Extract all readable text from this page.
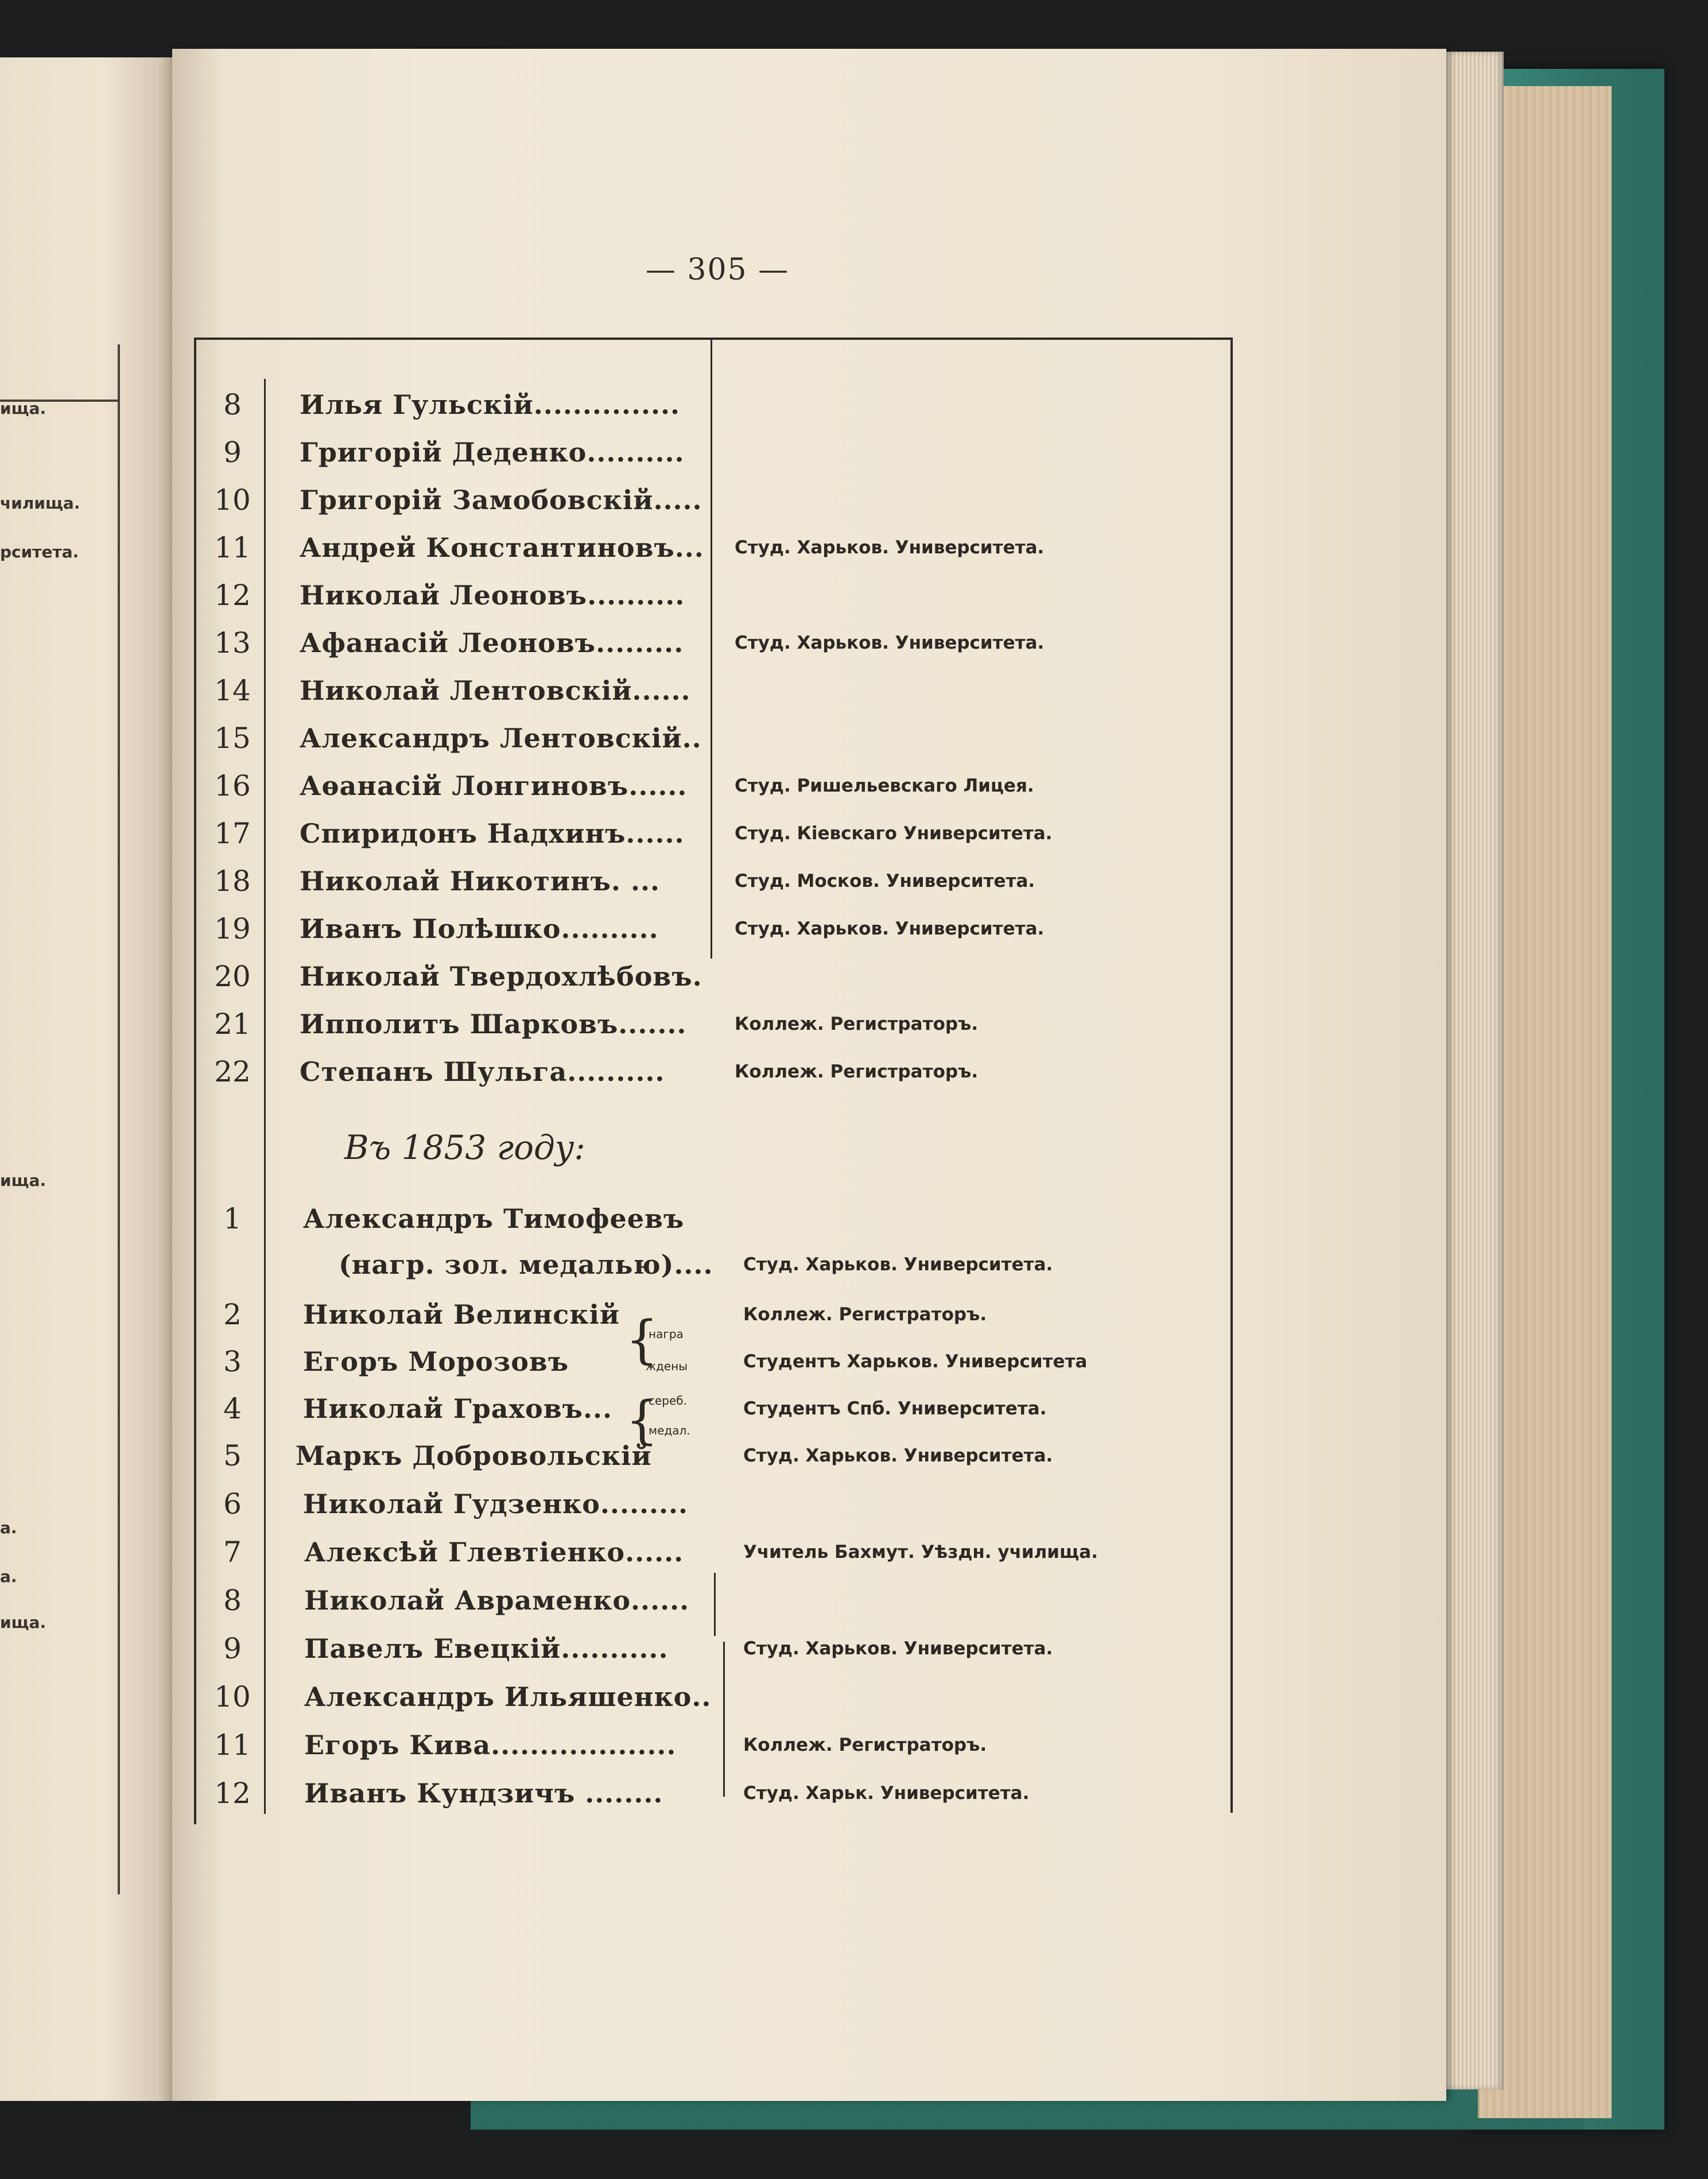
ища.
чилища.
рситета.
ища.
а.
a.
ища.
— 305 —
8	Илья Гульскій...............
9	Григорій Деденко..........
10	Григорій Замобовскій.....
11	Андрей Константиновъ... Студ. Харьков. Университета.
12	Николай Леоновъ..........
13	Афанасій Леоновъ.........	Студ. Харьков. Университета.
14	Николай Лентовскій......
15	Александръ Лентовскій..
16	Аѳанасій Лонгиновъ......	Студ. Ришельевскаго Лицея.
17	Спиридонъ Надхинъ......	Студ. Кіевскаго Университета.
18	Николай Никотинъ. ...	Студ. Москов. Университета.
19	Иванъ Полѣшко..........	Студ. Харьков. Университета.
20	Николай Твердохлѣбовъ.
21	Ипполитъ Шарковъ.......	Коллеж. Регистраторъ.
22	Степанъ Шульга..........	Коллеж. Регистраторъ.
Въ 1853 году:
1	Александръ Тимофеевъ
(нагр. зол. медалью).... Студ. Харьков. Университета.
2	Николай Велинскій	Коллеж. Регистраторъ.
3	Егоръ Морозовъ	Студентъ Харьков. Университета
4	Николай Граховъ...	Студентъ Спб. Университета.
5	Маркъ Добровольскій	Студ. Харьков. Университета.
{
награ
ждены
{
сереб.
медал.
6	Николай Гудзенко.........
7	Алексѣй Глевтіенко......	Учитель Бахмут. Уѣздн. училища.
8	Николай Авраменко......
9	Павелъ Евецкій...........	Студ. Харьков. Университета.
10	Александръ Ильяшенко..
11	Егоръ Кива...................	Коллеж. Регистраторъ.
12	Иванъ Кундзичъ ........	Студ. Харьк. Университета.
